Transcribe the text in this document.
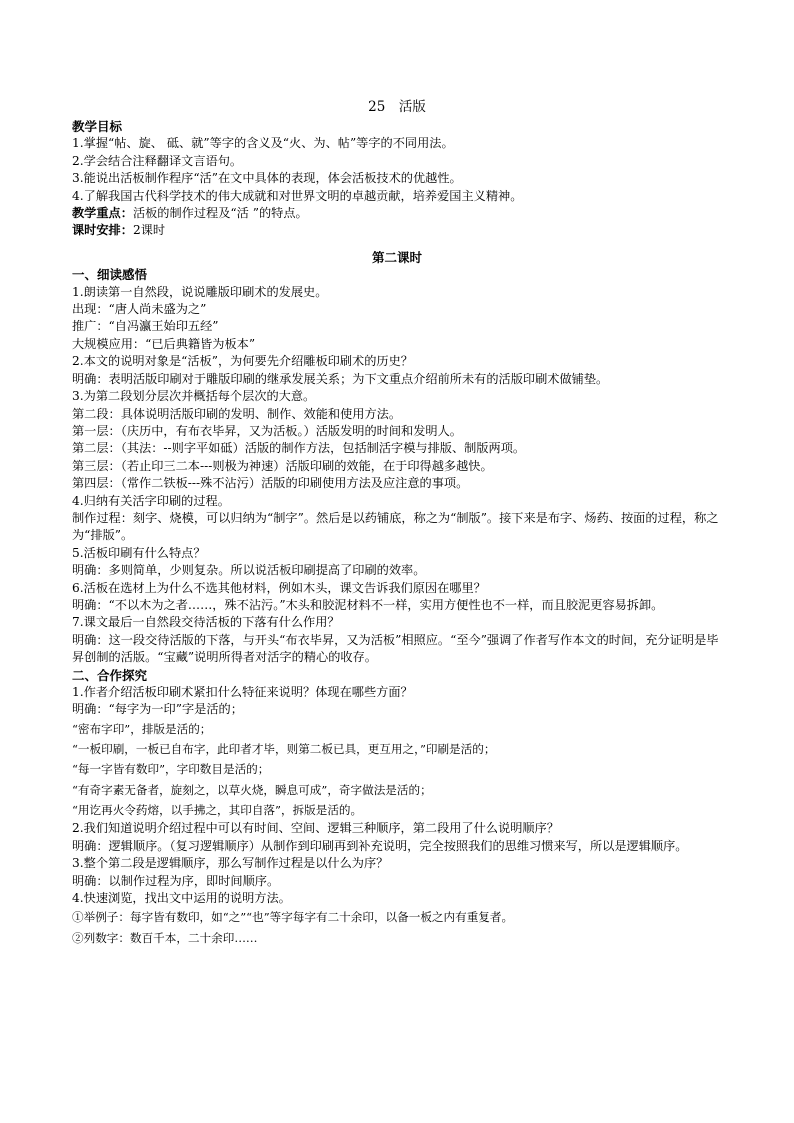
25　活版
教学目标
1.掌握“帖、旋、 砥、就”等字的含义及“火、为、帖”等字的不同用法。
2.学会结合注释翻译文言语句。
3.能说出活板制作程序“活”在文中具体的表现，体会活板技术的优越性。
4.了解我国古代科学技术的伟大成就和对世界文明的卓越贡献，培养爱国主义精神。
教学重点：活板的制作过程及“活 ”的特点。
课时安排：2课时
第二课时
一、细读感悟
1.朗读第一自然段，说说雕版印刷术的发展史。
出现：“唐人尚未盛为之”
推广：“自冯瀛王始印五经”
大规模应用：“已后典籍皆为板本”
2.本文的说明对象是“活板”，为何要先介绍雕板印刷术的历史？
明确：表明活版印刷对于雕版印刷的继承发展关系；为下文重点介绍前所未有的活版印刷术做铺垫。
3.为第二段划分层次并概括每个层次的大意。
第二段：具体说明活版印刷的发明、制作、效能和使用方法。
第一层：（庆历中，有布衣毕昇，又为活板。）活版发明的时间和发明人。
第二层：（其法：--则字平如砥）活版的制作方法，包括制活字模与排版、制版两项。
第三层：（若止印三二本---则极为神速）活版印刷的效能，在于印得越多越快。
第四层：（常作二铁板---殊不沾污）活版的印刷使用方法及应注意的事项。
4.归纳有关活字印刷的过程。
制作过程：刻字、烧模，可以归纳为“制字”。然后是以药铺底，称之为“制版”。接下来是布字、炀药、按面的过程，称之为“排版”。
5.活板印刷有什么特点？
明确：多则简单，少则复杂。所以说活板印刷提高了印刷的效率。
6.活板在选材上为什么不选其他材料，例如木头，课文告诉我们原因在哪里？
明确：“不以木为之者……，殊不沾污。”木头和胶泥材料不一样，实用方便性也不一样，而且胶泥更容易拆卸。
7.课文最后一自然段交待活板的下落有什么作用？
明确：这一段交待活版的下落，与开头“布衣毕昇，又为活板”相照应。“至今”强调了作者写作本文的时间，充分证明是毕昇创制的活版。“宝藏”说明所得者对活字的精心的收存。
二、合作探究
1.作者介绍活板印刷术紧扣什么特征来说明？体现在哪些方面？
明确：“每字为一印”字是活的；
“密布字印”，排版是活的；
“一板印刷，一板已自布字，此印者才毕，则第二板已具，更互用之，”印刷是活的；
“每一字皆有数印”，字印数目是活的；
“有奇字素无备者，旋刻之，以草火烧，瞬息可成”，奇字做法是活的；
“用讫再火令药熔，以手拂之，其印自落”，拆版是活的。
2.我们知道说明介绍过程中可以有时间、空间、逻辑三种顺序，第二段用了什么说明顺序？
明确：逻辑顺序。（复习逻辑顺序）从制作到印刷再到补充说明，完全按照我们的思维习惯来写，所以是逻辑顺序。
3.整个第二段是逻辑顺序，那么写制作过程是以什么为序？
明确：以制作过程为序，即时间顺序。
4.快速浏览，找出文中运用的说明方法。
①举例子：每字皆有数印，如“之”“也”等字每字有二十余印，以备一板之内有重复者。
②列数字：数百千本，二十余印……
